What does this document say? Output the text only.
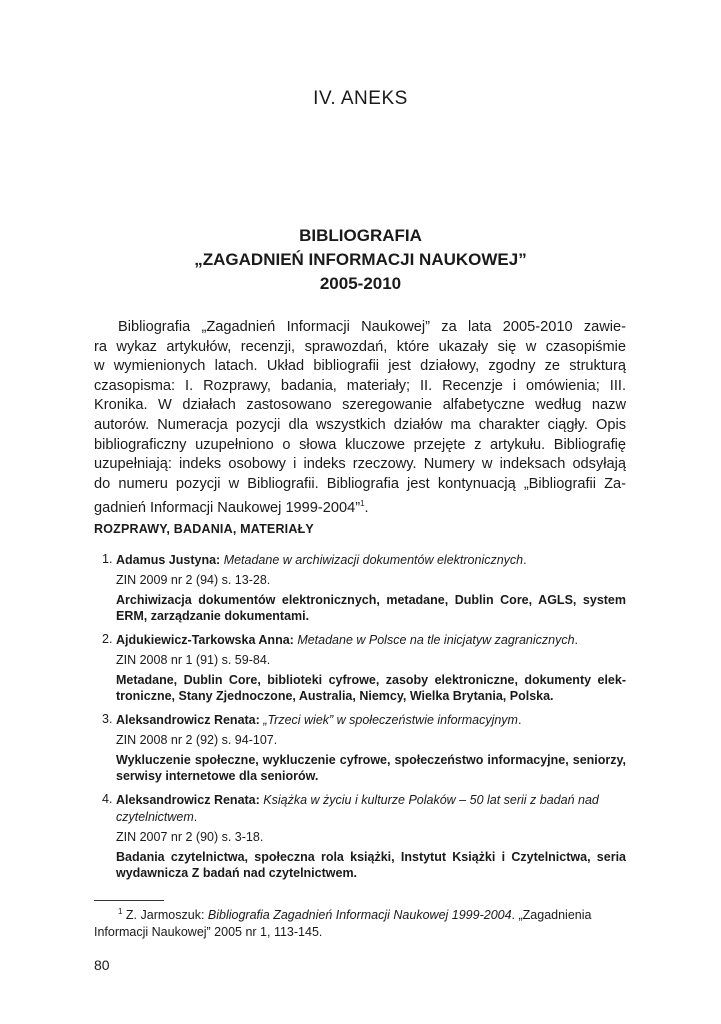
IV. ANEKS
BIBLIOGRAFIA
„ZAGADNIEŃ INFORMACJI NAUKOWEJ”
2005-2010

Bibliografia „Zagadnień Informacji Naukowej” za lata 2005-2010 zawie-
ra wykaz artykułów, recenzji, sprawozdań, które ukazały się w czasopiśmie
w wymienionych latach. Układ bibliografii jest działowy, zgodny ze strukturą
czasopisma: I. Rozprawy, badania, materiały; II. Recenzje i omówienia; III.
Kronika. W działach zastosowano szeregowanie alfabetyczne według nazw
autorów. Numeracja pozycji dla wszystkich działów ma charakter ciągły. Opis
bibliograficzny uzupełniono o słowa kluczowe przejęte z artykułu. Bibliografię
uzupełniają: indeks osobowy i indeks rzeczowy. Numery w indeksach odsyłają
do numeru pozycji w Bibliografii. Bibliografia jest kontynuacją „Bibliografii Za-
gadnień Informacji Naukowej 1999-2004”$^1$.

ROZPRAWY, BADANIA, MATERIAŁY
1. Adamus Justyna: Metadane w archiwizacji dokumentów elektronicznych.
ZIN 2009 nr 2 (94) s. 13-28.
Archiwizacja dokumentów elektronicznych, metadane, Dublin Core, AGLS, system ERM, zarządzanie dokumentami.
2. Ajdukiewicz-Tarkowska Anna: Metadane w Polsce na tle inicjatyw zagranicznych.
ZIN 2008 nr 1 (91) s. 59-84.
Metadane, Dublin Core, biblioteki cyfrowe, zasoby elektroniczne, dokumenty elektroniczne, Stany Zjednoczone, Australia, Niemcy, Wielka Brytania, Polska.
3. Aleksandrowicz Renata: „Trzeci wiek” w społeczeństwie informacyjnym.
ZIN 2008 nr 2 (92) s. 94-107.
Wykluczenie społeczne, wykluczenie cyfrowe, społeczeństwo informacyjne, seniorzy, serwisy internetowe dla seniorów.
4. Aleksandrowicz Renata: Książka w życiu i kulturze Polaków – 50 lat serii z badań nad czytelnictwem.
ZIN 2007 nr 2 (90) s. 3-18.
Badania czytelnictwa, społeczna rola książki, Instytut Książki i Czytelnictwa, seria wydawnicza Z badań nad czytelnictwem.
$^1$ Z. Jarmoszuk: Bibliografia Zagadnień Informacji Naukowej 1999-2004. „Zagadnienia
Informacji Naukowej” 2005 nr 1, 113-145.
80
